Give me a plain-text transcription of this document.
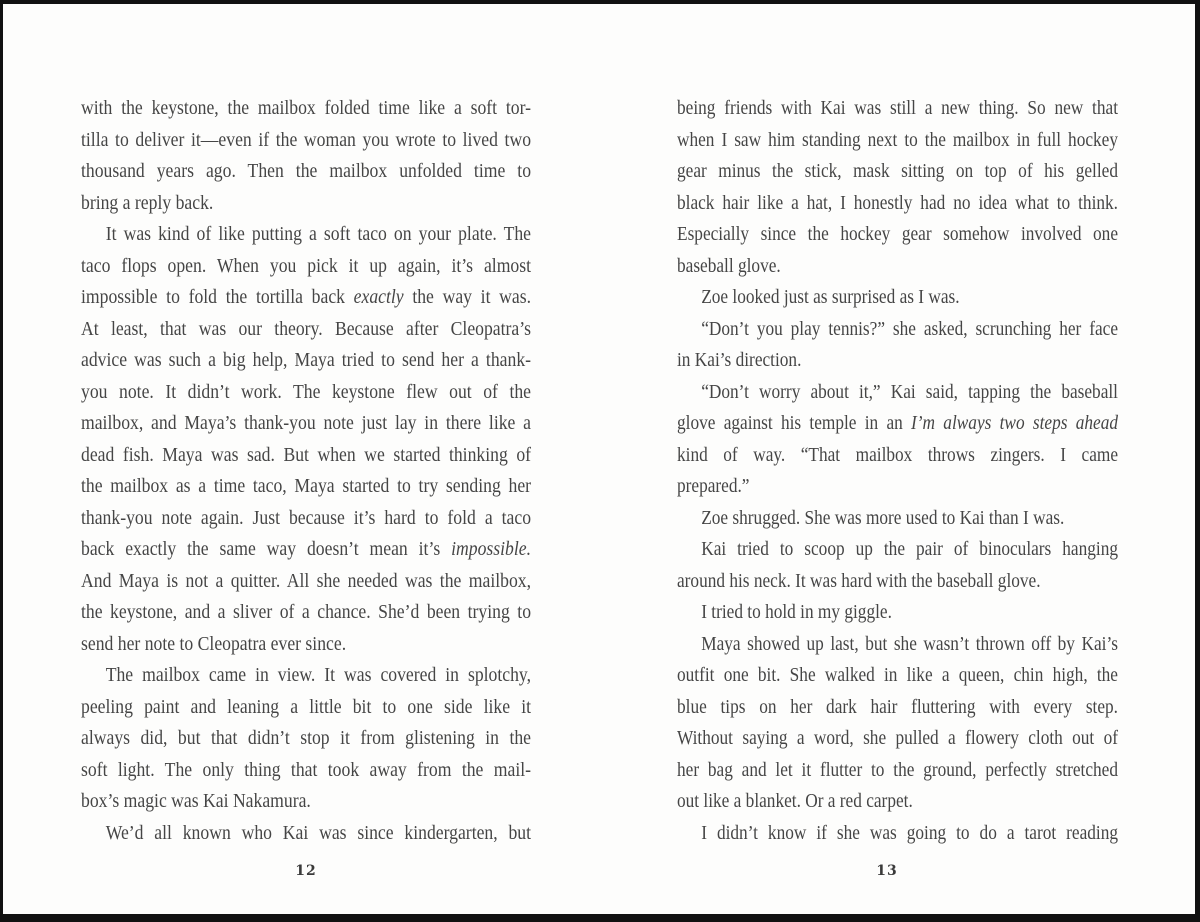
with the keystone, the mailbox folded time like a soft tor-
tilla to deliver it—even if the woman you wrote to lived two
thousand years ago. Then the mailbox unfolded time to
bring a reply back.
It was kind of like putting a soft taco on your plate. The
taco flops open. When you pick it up again, it’s almost
impossible to fold the tortilla back exactly the way it was.
At least, that was our theory. Because after Cleopatra’s
advice was such a big help, Maya tried to send her a thank-
you note. It didn’t work. The keystone flew out of the
mailbox, and Maya’s thank-you note just lay in there like a
dead fish. Maya was sad. But when we started thinking of
the mailbox as a time taco, Maya started to try sending her
thank-you note again. Just because it’s hard to fold a taco
back exactly the same way doesn’t mean it’s impossible.
And Maya is not a quitter. All she needed was the mailbox,
the keystone, and a sliver of a chance. She’d been trying to
send her note to Cleopatra ever since.
The mailbox came in view. It was covered in splotchy,
peeling paint and leaning a little bit to one side like it
always did, but that didn’t stop it from glistening in the
soft light. The only thing that took away from the mail-
box’s magic was Kai Nakamura.
We’d all known who Kai was since kindergarten, but
being friends with Kai was still a new thing. So new that
when I saw him standing next to the mailbox in full hockey
gear minus the stick, mask sitting on top of his gelled
black hair like a hat, I honestly had no idea what to think.
Especially since the hockey gear somehow involved one
baseball glove.
Zoe looked just as surprised as I was.
“Don’t you play tennis?” she asked, scrunching her face
in Kai’s direction.
“Don’t worry about it,” Kai said, tapping the baseball
glove against his temple in an I’m always two steps ahead
kind of way. “That mailbox throws zingers. I came
prepared.”
Zoe shrugged. She was more used to Kai than I was.
Kai tried to scoop up the pair of binoculars hanging
around his neck. It was hard with the baseball glove.
I tried to hold in my giggle.
Maya showed up last, but she wasn’t thrown off by Kai’s
outfit one bit. She walked in like a queen, chin high, the
blue tips on her dark hair fluttering with every step.
Without saying a word, she pulled a flowery cloth out of
her bag and let it flutter to the ground, perfectly stretched
out like a blanket. Or a red carpet.
I didn’t know if she was going to do a tarot reading
12	13
